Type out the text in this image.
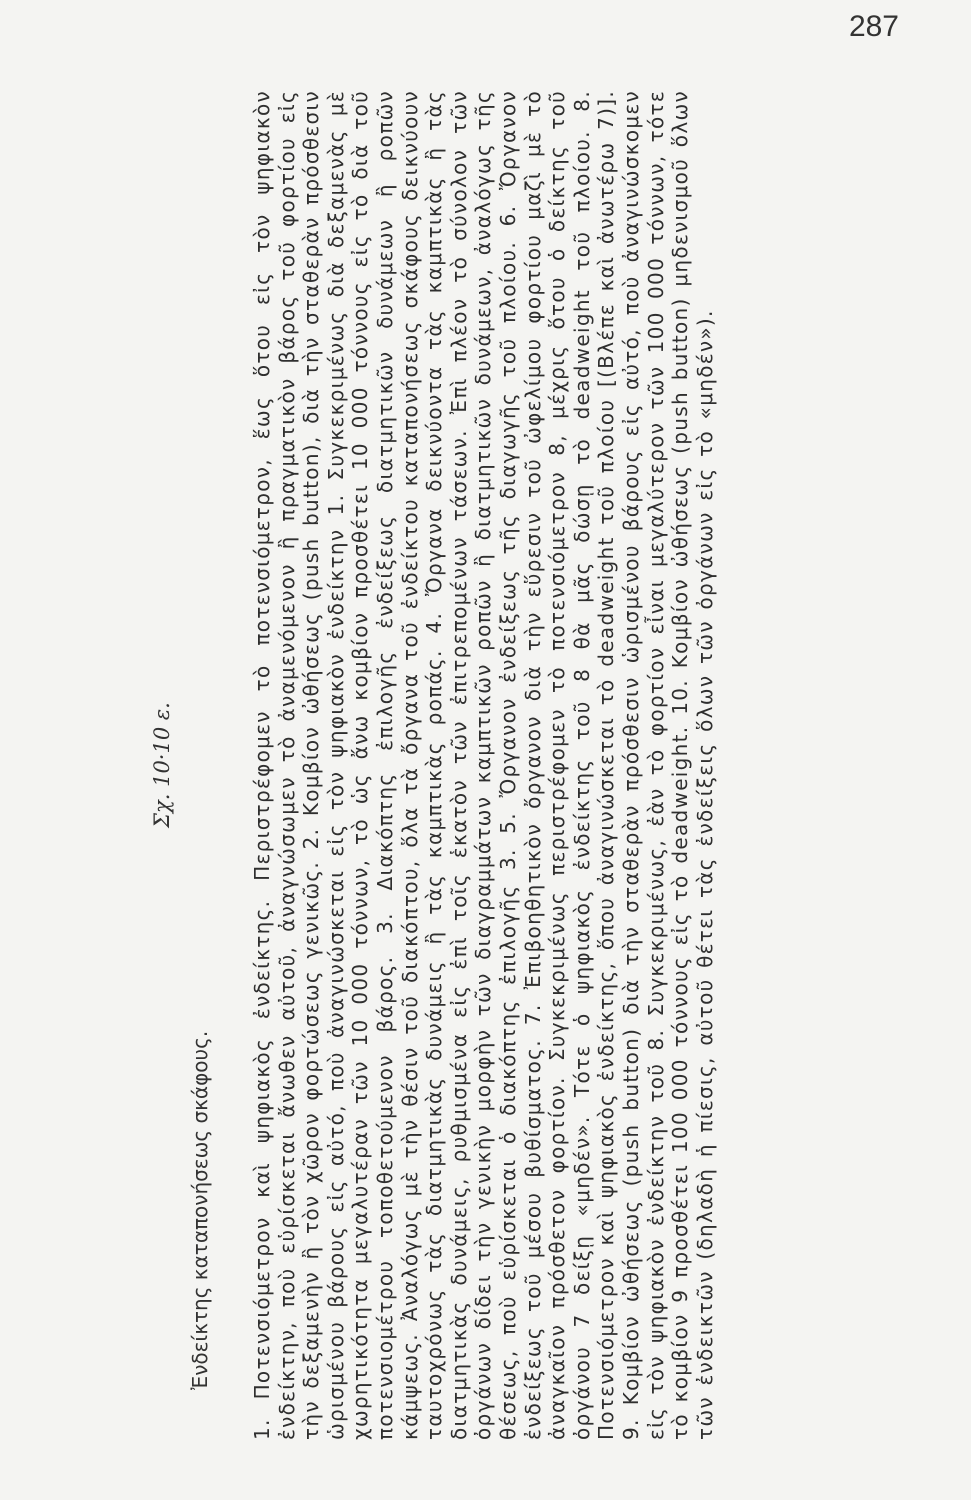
287
Σχ. 10·10 ε.
Ἐνδείκτης καταπονήσεως σκάφους. 1. Ποτενσιόμετρον καὶ ψηφιακὸς ἐνδείκτης. Περιστρέφομεν τὸ ποτενσιόμετρον, ἕως ὅτου εἰς τὸν ψηφιακὸν ἐνδείκτην, ποὺ εὑρίσκεται ἄνωθεν αὐτοῦ, ἀναγνώσωμεν τὸ ἀναμενόμενον ἢ πραγματικὸν βάρος τοῦ φορτίου εἰς τὴν δεξαμενὴν ἢ τὸν χῶρον φορτώσεως γενικῶς. 2. Κομβίον ὠθήσεως (push button), διὰ τὴν σταθερὰν πρόσθεσιν ὡρισμένου βάρους εἰς αὐτό, ποὺ ἀναγινώσκεται εἰς τὸν ψηφιακὸν ἐνδείκτην 1. Συγκεκριμένως διὰ δεξαμενὰς μὲ χωρητικότητα μεγαλυτέραν τῶν 10 000 τόννων, τὸ ὡς ἄνω κομβίον προσθέτει 10 000 τόννους εἰς τὸ διὰ τοῦ ποτενσιομέτρου τοποθετούμενον βάρος. 3. Διακόπτης ἐπιλογῆς ἐνδείξεως διατμητικῶν δυνάμεων ἢ ροπῶν κάμψεως. Ἀναλόγως μὲ τὴν θέσιν τοῦ διακόπτου, ὅλα τὰ ὄργανα τοῦ ἐνδείκτου καταπονήσεως σκάφους δεικνύουν ταυτοχρόνως τὰς διατμητικὰς δυνάμεις ἢ τὰς καμπτικὰς ροπάς. 4. Ὄργανα δεικνύοντα τὰς καμπτικὰς ἢ τὰς διατμητικὰς δυνάμεις, ρυθμισμένα εἰς ἐπὶ τοῖς ἑκατὸν τῶν ἐπιτρεπομένων τάσεων. Ἐπὶ πλέον τὸ σύνολον τῶν ὀργάνων δίδει τὴν γενικὴν μορφὴν τῶν διαγραμμάτων καμπτικῶν ροπῶν ἢ διατμητικῶν δυνάμεων, ἀναλόγως τῆς θέσεως, ποὺ εὑρίσκεται ὁ διακόπτης ἐπιλογῆς 3. 5. Ὄργανον ἐνδείξεως τῆς διαγωγῆς τοῦ πλοίου. 6. Ὄργανον ἐνδείξεως τοῦ μέσου βυθίσματος. 7. Ἐπιβοηθητικὸν ὄργανον διὰ τὴν εὕρεσιν τοῦ ὠφελίμου φορτίου μαζὶ μὲ τὸ ἀναγκαῖον πρόσθετον φορτίον. Συγκεκριμένως περιστρέφομεν τὸ ποτενσιόμετρον 8, μέχρις ὅτου ὁ δείκτης τοῦ ὀργάνου 7 δείξῃ «μηδέν». Τότε ὁ ψηφιακὸς ἐνδείκτης τοῦ 8 θὰ μᾶς δώσῃ τὸ deadweight τοῦ πλοίου. 8. Ποτενσιόμετρον καὶ ψηφιακὸς ἐνδείκτης, ὅπου ἀναγινώσκεται τὸ deadweight τοῦ πλοίου [(Βλέπε καὶ ἀνωτέρω 7)]. 9. Κομβίον ὠθήσεως (push button) διὰ τὴν σταθερὰν πρόσθεσιν ὡρισμένου βάρους εἰς αὐτό, ποὺ ἀναγινώσκομεν εἰς τὸν ψηφιακὸν ἐνδείκτην τοῦ 8. Συγκεκριμένως, ἐὰν τὸ φορτίον εἶναι μεγαλύτερον τῶν 100 000 τόννων, τότε τὸ κομβίον 9 προσθέτει 100 000 τόννους εἰς τὸ deadweight. 10. Κομβίον ὠθήσεως (push button) μηδενισμοῦ ὅλων τῶν ἐνδεικτῶν (δηλαδὴ ἡ πίεσις, αὐτοῦ θέτει τὰς ἐνδείξεις ὅλων τῶν ὀργάνων εἰς τὸ «μηδέν»).
